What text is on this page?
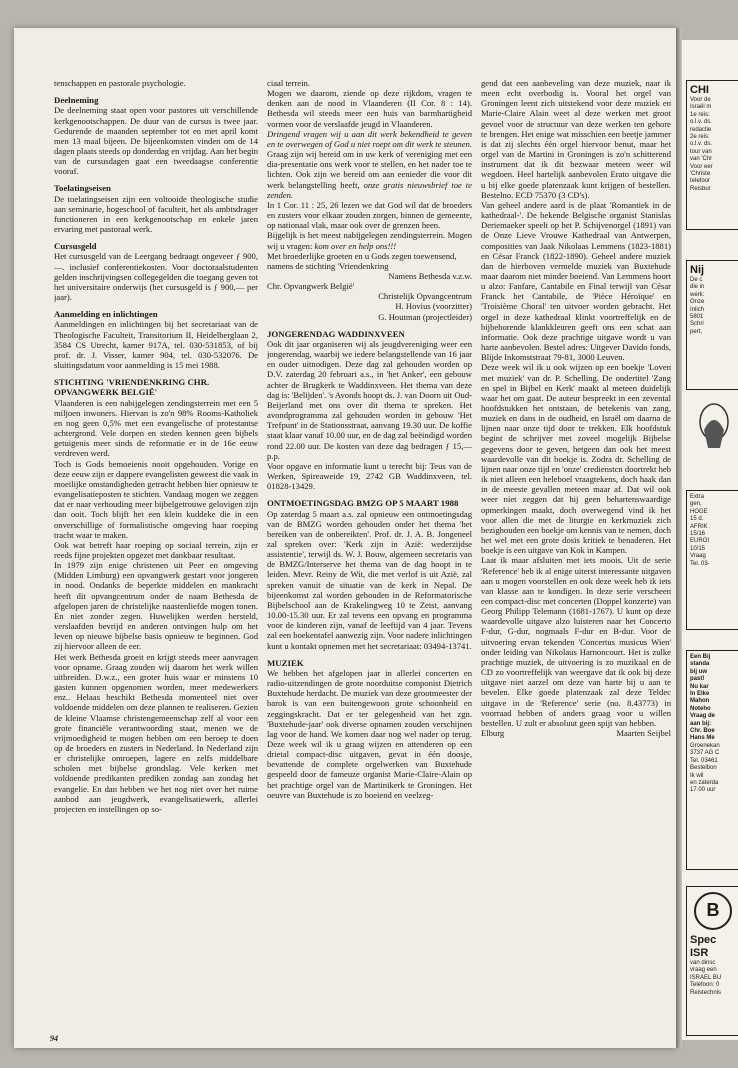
tenschappen en pastorale psychologie.

Deelneming

De deelneming staat open voor pastores uit verschillende kerkgenootschappen. De duur van de cursus is twee jaar. Gedurende de maanden september tot en met april komt men 13 maal bijeen. De bijeenkomsten vinden om de 14 dagen plaats steeds op donderdag en vrijdag. Aan het begin van de cursusdagen gaat een tweedaagse conferentie vooraf.

Toelatingseisen

De toelatingseisen zijn een voltooide theologische studie aan seminarie, hogeschool of faculteit, het als ambtsdrager functioneren in een kerkgenootschap en enkele jaren ervaring met pastoraal werk.

Cursusgeld

Het cursusgeld van de Leergang bedraagt ongeveer ƒ 900,—. inclusief conferentiekosten. Voor doctoraalstudenten gelden inschrijvingsen collegegelden die toegang geven tot het universitaire onderwijs (het cursusgeld is ƒ 900,— per jaar).

Aanmelding en inlichtingen

Aanmeldingen en inlichtingen bij het secretariaat van de Theologische Faculteit, Transitorium II, Heidelberglaan 2, 3584 CS Utrecht, kamer 917A, tel. 030-531853, of bij prof. dr. J. Visser, kamer 904, tel. 030-532076. De sluitingsdatum voor aanmelding is 15 mei 1988.

STICHTING 'VRIENDENKRING CHR. OPVANGWERK BELGIË'

Vlaanderen is een nabijgelegen zendingsterrein met een 5 miljoen inwoners. Hiervan is zo'n 98% Rooms-Katholiek en nog geen 0,5% met een evangelische of protestantse achtergrond. Vele dorpen en steden kennen geen bijbels getuigenis meer sinds de reformatie er in de 16e eeuw verdreven werd.

Toch is Gods bemoeienis nooit opgehouden. Vorige en deze eeuw zijn er dappere evangelisten geweest die vaak in moeilijke omstandigheden getracht hebben hier opnieuw te evangelisatieposten te stichten. Vandaag mogen we zeggen dat er naar verhouding meer bijbelgetrouwe gelovigen zijn dan ooit. Toch blijft het een klein kuddeke die in een onverschillige of formalistische omgeving haar roeping tracht waar te maken.

Ook wat betreft haar roeping op sociaal terrein, zijn er reeds fijne projekten opgezet met dankbaar resultaat.

In 1979 zijn enige christenen uit Peer en omgeving (Midden Limburg) een opvangwerk gestart voor jongeren in nood. Ondanks de beperkte middelen en mankracht heeft dit opvangcentrum onder de naam Bethesda de afgelopen jaren de christelijke naastenliefde mogen tonen. En niet zonder zegen. Huwelijken werden hersteld, verslaafden bevrijd en anderen ontvingen hulp om het leven op nieuwe bijbelse basis opnieuw te beginnen. God zij hiervoor alleen de eer.

Het werk Bethesda groeit en krijgt steeds meer aanvragen voor opname. Graag zouden wij daarom het werk willen uitbreiden. D.w.z., een groter huis waar er minstens 10 gasten kunnen opgenomen worden, meer medewerkers enz.. Helaas beschikt Bethesda momenteel niet over voldoende middelen om deze plannen te realiseren. Gezien de kleine Vlaamse christengemeenschap zelf al voor een grote financiële verantwoording staat, menen we de vrijmoedigheid te mogen hebben om een beroep te doen op de broeders en zusters in Nederland. In Nederland zijn er christelijke omroepen, lagere en zelfs middelbare scholen met bijbelse grondslag. Vele kerken met voldoende predikanten prediken zondag aan zondag het evangelie. En dan hebben we het nog niet over het ruime aanbod aan jeugdwerk, evangelisatiewerk, allerlei projecten en instellingen op so-

ciaal terrein.

Mogen we daarom, ziende op deze rijkdom, vragen te denken aan de nood in Vlaanderen (II Cor. 8 : 14). Bethesda wil steeds meer een huis van barmhartigheid vormen voor de verslaafde jeugd in Vlaanderen.

Dringend vragen wij u aan dit werk bekendheid te geven en te overwegen of God u niet roept om dit werk te steunen. Graag zijn wij bereid om in uw kerk of vereniging met een dia-presentatie ons werk voor te stellen, en het nader toe te lichten. Ook zijn we bereid om aan eenieder die voor dit werk belangstelling heeft, onze gratis nieuwsbrief toe te zenden.

In 1 Cor. 11 : 25, 26 lezen we dat God wil dat de broeders en zusters voor elkaar zouden zorgen, binnen de gemeente, op nationaal vlak, maar ook over de grenzen heen.

Bijgelijk is het meest nabijgelegen zendingsterrein. Mogen wij u vragen: kom over en help ons!!!

Met broederlijke groeten en u Gods zegen toewensend,

namens de stichting 'Vriendenkring

Namens Bethesda v.z.w.

Chr. Opvangwerk België'

Christelijk Opvangcentrum

H. Hovius (voorzitter)

G. Houtman (projectleider)

JONGERENDAG WADDINXVEEN

Ook dit jaar organiseren wij als jeugdvereniging weer een jongerendag, waarbij we iedere belangstellende van 16 jaar en ouder uitnodigen. Deze dag zal gehouden worden op D.V. zaterdag 20 februari a.s., in 'het Anker', een gebouw achter de Brugkerk te Waddinxveen. Het thema van deze dag is: 'Belijden'. 's Avonds hoopt ds. J. van Doorn uit Oud-Beijerland met ons over dit thema te spreken. Het avondprogramma zal gehouden worden in gebouw 'Het Trefpunt' in de Stationsstraat, aanvang 19.30 uur. De koffie staat klaar vanaf 10.00 uur, en de dag zal beëindigd worden rond 22.00 uur. De kosten van deze dag bedragen ƒ 15,— p.p.

Voor opgave en informatie kunt u terecht bij: Teus van de Werken, Spireaweide 19, 2742 GB Waddinxveen, tel. 01828-13429.

ONTMOETINGSDAG BMZG OP 5 MAART 1988

Op zaterdag 5 maart a.s. zal opnieuw een ontmoetingsdag van de BMZG worden gehouden onder het thema 'het bereiken van de onbereikten'. Prof. dr. J. A. B. Jongeneel zal spreken over: 'Kerk zijn in Azië: wederzijdse assistentie', terwijl ds. W. J. Bouw, algemeen secretaris van de BMZG/Interserve het thema van de dag hoopt in te leiden. Mevr. Reiny de Wit, die met verlof is uit Azië, zal spreken vanuit de situatie van de kerk in Nepal. De bijeenkomst zal worden gehouden in de Reformatorische Bijbelschool aan de Krakelingweg 10 te Zeist, aanvang 10.00-15.30 uur. Er zal tevens een opvang en programma voor de kinderen zijn, vanaf de leeftijd van 4 jaar. Tevens zal een boekentafel aanwezig zijn. Voor nadere inlichtingen kunt u kontakt opnemen met het secretariaat: 03494-13741.

MUZIEK

We hebben het afgelopen jaar in allerlei concerten en radio-uitzendingen de grote noorduitse componist Dietrich Buxtehude herdacht. De muziek van deze grootmeester der barok is van een buitengewoon grote schoonheid en zeggingskracht. Dat er ter gelegenheid van het zgn. 'Buxtehude-jaar' ook diverse opnamen zouden verschijnen lag voor de hand. We komen daar nog wel nader op terug. Deze week wil ik u graag wijzen en attenderen op een drietal compact-disc uitgaven, gevat in één doosje, bevattende de complete orgelwerken van Buxtehude gespeeld door de fameuze organist Marie-Claire-Alain op het prachtige orgel van de Martinikerk te Groningen. Het oeuvre van Buxtehude is zo boeiend en veelzeg-

gend dat een aanbeveling van deze muziek, naar ik meen echt overbodig is. Vooral het orgel van Groningen leent zich uitstekend voor deze muziek en Marie-Claire Alain weet al deze werken met groot gevoel voor de structuur van deze werken ten gehore te brengen. Het enige wat misschien een beetje jammer is dat zij slechts één orgel hiervoor benut, maar het orgel van de Martini in Groningen is zo'n schitterend instrument dat ik dit bezwaar meteen weer wil wegdoen. Heel hartelijk aanbevolen Erato uitgave die u bij elke goede platenzaak kunt krijgen of bestellen. Bestelno. ECD 75370 (3 CD's).

Van geheel andere aard is de plaat 'Romantiek in de kathedraal-'. De bekende Belgische organist Stanislas Deriemaeker speelt op het P. Schijvenorgel (1891) van de Onze Lieve Vrouwe Kathedraal van Antwerpen, composities van Jaak Nikolaas Lemmens (1823-1881) en César Franck (1822-1890). Geheel andere muziek dan de hierboven vermelde muziek van Buxtehude maar daarom niet minder boeiend. Van Lemmens hoort u alzo: Fanfare, Cantabile en Final terwijl van César Franck het Cantabile, de 'Pièce Héroïque' en 'Troisième Choral' ten uitvoer worden gebracht. Het orgel in deze kathedraal klinkt voortreffelijk en de bijbehorende klankkleuren geeft ons een schat aan informatie. Ook deze prachtige uitgave wordt u van harte aanbevolen. Bestel adres: Uitgever Davido fonds, Blijde Inkomststraat 79-81, 3000 Leuven.

Deze week wil ik u ook wijzen op een boekje 'Loven met muziek' van dr. P. Schelling. De ondertitel 'Zang en spel in Bijbel en Kerk' maakt al meteen duidelijk waar het om gaat. De auteur bespreekt in een zevental hoofdstukken het ontstaan, de betekenis van zang, muziek en dans in de oudheid, en Israël om daarna de lijnen naar onze tijd door te trekken. Elk hoofdstuk begint de schrijver met zoveel mogelijk Bijbelse gegevens door te geven, hetgeen dan ook het meest waardevolle van dit boekje is. Zodra dr. Schelling de lijnen naar onze tijd en 'onze' credienstcn doortrekt heb ik niet alleen een heleboel vraagtekens, doch haak dan in de meeste gevallen meteen maar af. Dat wil ook weer niet zeggen dat hij geen behartenswaardige opmerkingen maakt, doch overwegend vind ik het voor allen die met de liturgie en kerkmuziek zich bezighouden een boekje om kennis van te nemen, doch het wel met een grote dosis kritiek te benaderen. Het boekje is een uitgave van Kok in Kampen.

Laat ik maar afsluiten met iets moois. Uit de serie 'Reference' heb ik al enige uiterst interessante uitgaven aan u mogen voorstellen en ook deze week heb ik iets van klasse aan te kondigen. In deze serie verscheen een compact-disc met concerten (Doppel konzerte) van Georg Philipp Telemann (1681-1767). U kunt op deze waardevolle uitgave alzo luisteren naar het Concerto F-dur, G-dur, nogmaals F-dur en B-dur. Voor de uitvoering ervan tekenden 'Concertus musicus Wien' onder leiding van Nikolaus Harnoncourt. Het is zulke prachtige muziek, de uitvoering is zo muzikaal en de CD zo voortreffelijk van weergave dat ik ook bij deze uitgave niet aarzel om deze van harte bij u aan te bevelen. Elke goede platenzaak zal deze Teldec uitgave in de 'Reference' serie (no. 8.43773) in voorraad hebben of anders graag voor u willen bestellen. U zult er absoluut geen spijt van hebben.

Elburg	Maarten Seijbel
94

CHI

Voor de

Israël m

1e reis:

o.l.v. ds.

redactie

2e reis:

o.l.v. ds.

tour van

van 'Chr

Voor eer

'Christe

telefoor

Reisbur

Nij

De c

die in

werk:

Onze

Inlich

5801

Schri

pert,

Extra

gen,

HOGE

15 d.

AFRIK

15/16

EUROI

10/15

Vraag

Tel. 03-

Een Bij

standa

bij uw

past!

Nu kar

In Elke

Mahon

Noteho

Vraag de

aan bij:

Chr. Boe

Hans Me

Groenekan

3737 AG C

Tel. 03461

Bestelbon

Ik wil

en zaterda

17.00 uur

B

Spec

ISR

van dinsc

vraag een

ISRAEL BU

Telefoon: 0

Reistechnis
